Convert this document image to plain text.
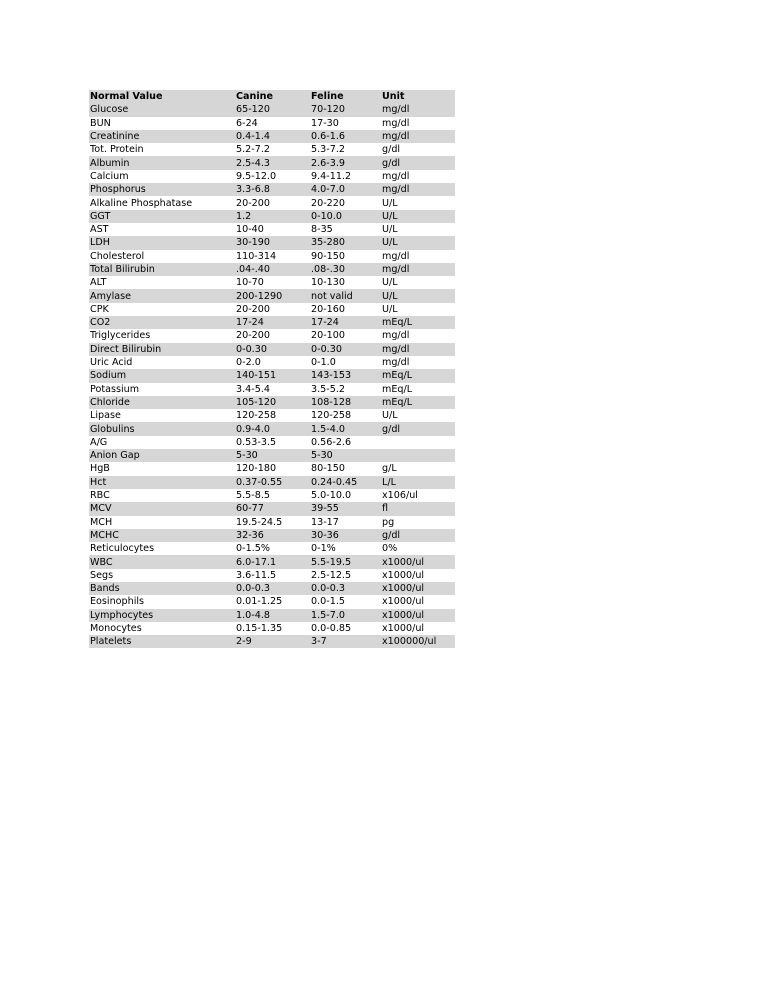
Normal Value	Canine	Feline	Unit
Glucose	65-120	70-120	mg/dl
BUN	6-24	17-30	mg/dl
Creatinine	0.4-1.4	0.6-1.6	mg/dl
Tot. Protein	5.2-7.2	5.3-7.2	g/dl
Albumin	2.5-4.3	2.6-3.9	g/dl
Calcium	9.5-12.0	9.4-11.2	mg/dl
Phosphorus	3.3-6.8	4.0-7.0	mg/dl
Alkaline Phosphatase	20-200	20-220	U/L
GGT	1.2	0-10.0	U/L
AST	10-40	8-35	U/L
LDH	30-190	35-280	U/L
Cholesterol	110-314	90-150	mg/dl
Total Bilirubin	.04-.40	.08-.30	mg/dl
ALT	10-70	10-130	U/L
Amylase	200-1290	not valid	U/L
CPK	20-200	20-160	U/L
CO2	17-24	17-24	mEq/L
Triglycerides	20-200	20-100	mg/dl
Direct Bilirubin	0-0.30	0-0.30	mg/dl
Uric Acid	0-2.0	0-1.0	mg/dl
Sodium	140-151	143-153	mEq/L
Potassium	3.4-5.4	3.5-5.2	mEq/L
Chloride	105-120	108-128	mEq/L
Lipase	120-258	120-258	U/L
Globulins	0.9-4.0	1.5-4.0	g/dl
A/G	0.53-3.5	0.56-2.6	
Anion Gap	5-30	5-30	
HgB	120-180	80-150	g/L
Hct	0.37-0.55	0.24-0.45	L/L
RBC	5.5-8.5	5.0-10.0	x106/ul
MCV	60-77	39-55	fl
MCH	19.5-24.5	13-17	pg
MCHC	32-36	30-36	g/dl
Reticulocytes	0-1.5%	0-1%	0%
WBC	6.0-17.1	5.5-19.5	x1000/ul
Segs	3.6-11.5	2.5-12.5	x1000/ul
Bands	0.0-0.3	0.0-0.3	x1000/ul
Eosinophils	0.01-1.25	0.0-1.5	x1000/ul
Lymphocytes	1.0-4.8	1.5-7.0	x1000/ul
Monocytes	0.15-1.35	0.0-0.85	x1000/ul
Platelets	2-9	3-7	x100000/ul
